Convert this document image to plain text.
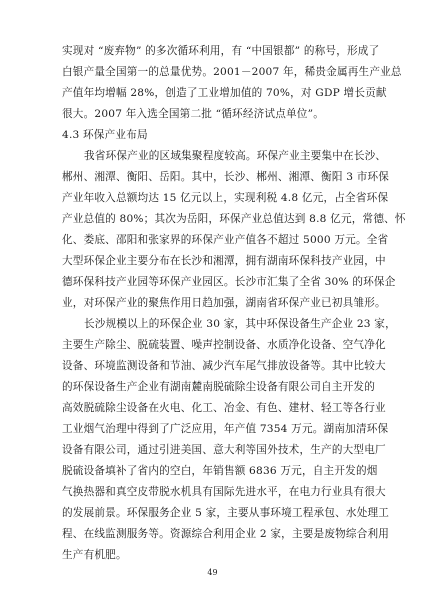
实现对 “废弃物” 的多次循环利用，有 “中国银都” 的称号，形成了
白银产量全国第一的总量优势。2001－2007 年，稀贵金属再生产业总
产值年均增幅 28%，创造了工业增加值的 70%，对 GDP 增长贡献
很大。2007 年入选全国第二批 “循环经济试点单位”。
4.3 环保产业布局
我省环保产业的区域集聚程度较高。环保产业主要集中在长沙、
郴州、湘潭、衡阳、岳阳。其中，长沙、郴州、湘潭、衡阳 3 市环保
产业年收入总额均达 15 亿元以上，实现利税 4.8 亿元，占全省环保
产业总值的 80%；其次为岳阳，环保产业总值达到 8.8 亿元，常德、怀
化、娄底、邵阳和张家界的环保产业产值各不超过 5000 万元。全省
大型环保企业主要分布在长沙和湘潭，拥有湖南环保科技产业园，中
德环保科技产业园等环保产业园区。长沙市汇集了全省 30% 的环保企
业，对环保产业的聚焦作用日趋加强，湖南省环保产业已初具雏形。
长沙规模以上的环保企业 30 家，其中环保设备生产企业 23 家，
主要生产除尘、脱硫装置、噪声控制设备、水质净化设备、空气净化
设备、环境监测设备和节油、减少汽车尾气排放设备等。其中比较大
的环保设备生产企业有湖南麓南脱硫除尘设备有限公司自主开发的
高效脱硫除尘设备在火电、化工、冶金、有色、建材、轻工等各行业
工业烟气治理中得到了广泛应用，年产值 7354 万元。湖南加清环保
设备有限公司，通过引进美国、意大利等国外技术，生产的大型电厂
脱硫设备填补了省内的空白，年销售额 6836 万元，自主开发的烟
气换热器和真空皮带脱水机具有国际先进水平，在电力行业具有很大
的发展前景。环保服务企业 5 家，主要从事环境工程承包、水处理工
程、在线监测服务等。资源综合利用企业 2 家，主要是废物综合利用
生产有机肥。
49
